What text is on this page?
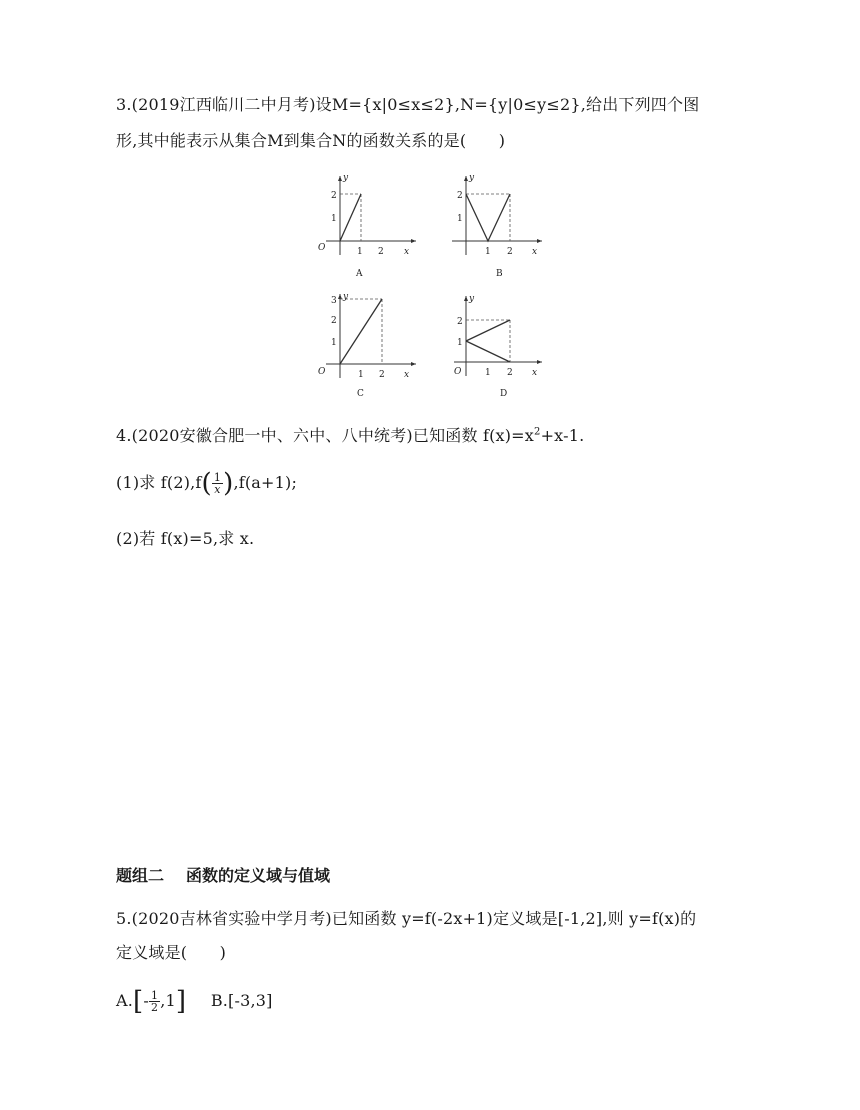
3.(2019江西临川二中月考)设M={x|0≤x≤2},N={y|0≤y≤2},给出下列四个图
形,其中能表示从集合M到集合N的函数关系的是(　　)
O
y
x
1 2
1
2
A
y
x
1 2
1
2
B
O
y
x
1 2
1
2
3
C
O
y
x
1 2
1
2
D
4.(2020安徽合肥一中、六中、八中统考)已知函数 $f(x)=x^2+x-1$.
(1)求 $f(2),f( \frac{1}{x} ),f(a+1)$;
(2)若 f(x)=5,求 x.
题组二 函数的定义域与值域
5.(2020吉林省实验中学月考)已知函数 y=f(-2x+1)定义域是[-1,2],则 y=f(x)的
定义域是(　　)
$A.[- \frac{1}{2} ,1]$ B.[-3,3]
